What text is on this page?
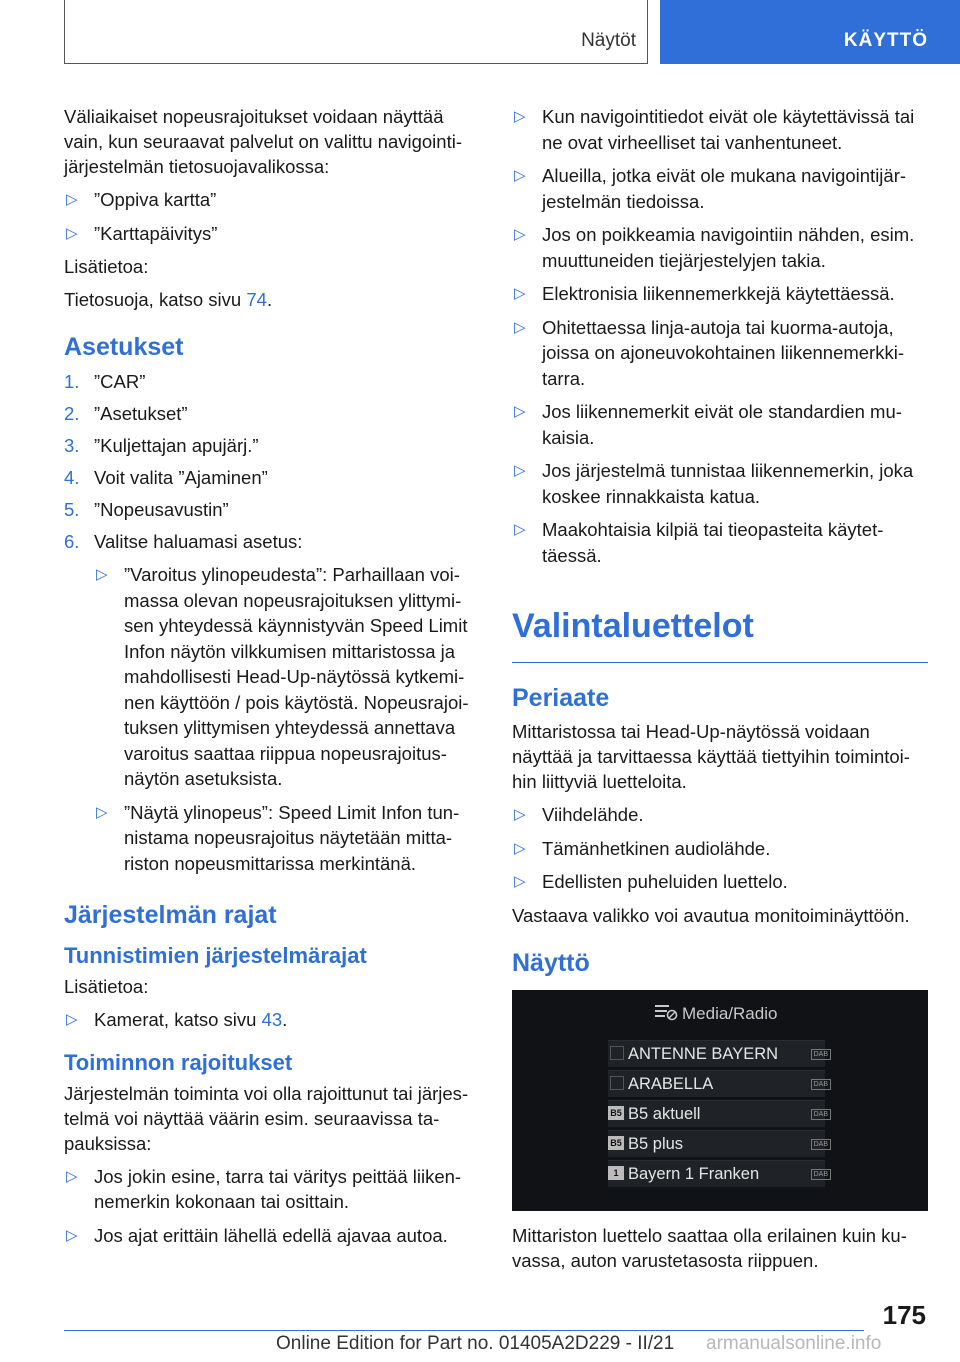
Näytöt	KÄYTTÖ

Väliaikaiset nopeusrajoitukset voidaan näyttää vain, kun seuraavat palvelut on valittu navigointijärjestelmän tietosuojavalikossa:

▷ ”Oppiva kartta”
▷ ”Karttapäivitys”

Lisätietoa:

Tietosuoja, katso sivu 74.

Asetukset
1 . ”CAR”
2 . ”Asetukset”
3 . ”Kuljettajan apujärj.”
4 . Voit valita ”Ajaminen”
5 . ”Nopeusavustin”
6 . Valitse haluamasi asetus:
▷ ”Varoitus ylinopeudesta”: Parhaillaan voimassa olevan nopeusrajoituksen ylittymisen yhteydessä käynnistyvän Speed Limit Infon näytön vilkkumisen mittaristossa ja mahdollisesti Head-Up-näytössä kytkeminen käyttöön / pois käytöstä. Nopeusrajoituksen ylittymisen yhteydessä annettava varoitus saattaa riippua nopeusrajoitusnäytön asetuksista.
▷ ”Näytä ylinopeus”: Speed Limit Infon tunnistama nopeusrajoitus näytetään mittariston nopeusmittarissa merkintänä.
Järjestelmän rajat
Tunnistimien järjestelmärajat

Lisätietoa:

▷ Kamerat, katso sivu 43.
Toiminnon rajoitukset

Järjestelmän toiminta voi olla rajoittunut tai järjestelmä voi näyttää väärin esim. seuraavissa tapauksissa:

▷ Jos jokin esine, tarra tai väritys peittää liikennemerkin kokonaan tai osittain.
▷ Jos ajat erittäin lähellä edellä ajavaa autoa.
▷ Kun navigointitiedot eivät ole käytettävissä tai ne ovat virheelliset tai vanhentuneet.
▷ Alueilla, jotka eivät ole mukana navigointijärjestelmän tiedoissa.
▷ Jos on poikkeamia navigointiin nähden, esim. muuttuneiden tiejärjestelyjen takia.
▷ Elektronisia liikennemerkkejä käytettäessä.
▷ Ohitettaessa linja-autoja tai kuorma-autoja, joissa on ajoneuvokohtainen liikennemerkkitarra.
▷ Jos liikennemerkit eivät ole standardien mukaisia.
▷ Jos järjestelmä tunnistaa liikennemerkin, joka koskee rinnakkaista katua.
▷ Maakohtaisia kilpiä tai tieopasteita käytettäessä.
Valintaluettelot
Periaate

Mittaristossa tai Head-Up-näytössä voidaan näyttää ja tarvittaessa käyttää tiettyihin toimintoihin liittyviä luetteloita.

▷ Viihdelähde.
▷ Tämänhetkinen audiolähde.
▷ Edellisten puheluiden luettelo.

Vastaava valikko voi avautua monitoiminäyttöön.

Näyttö
Media/Radio
ANTENNE BAYERN	DAB
ARABELLA	DAB
B5 B5 aktuell	DAB
B5 B5 plus	DAB
1 Bayern 1 Franken	DAB

Mittariston luettelo saattaa olla erilainen kuin kuvassa, auton varustetasosta riippuen.

175
Online Edition for Part no. 01405A2D229 - II/21 armanualsonline.info
